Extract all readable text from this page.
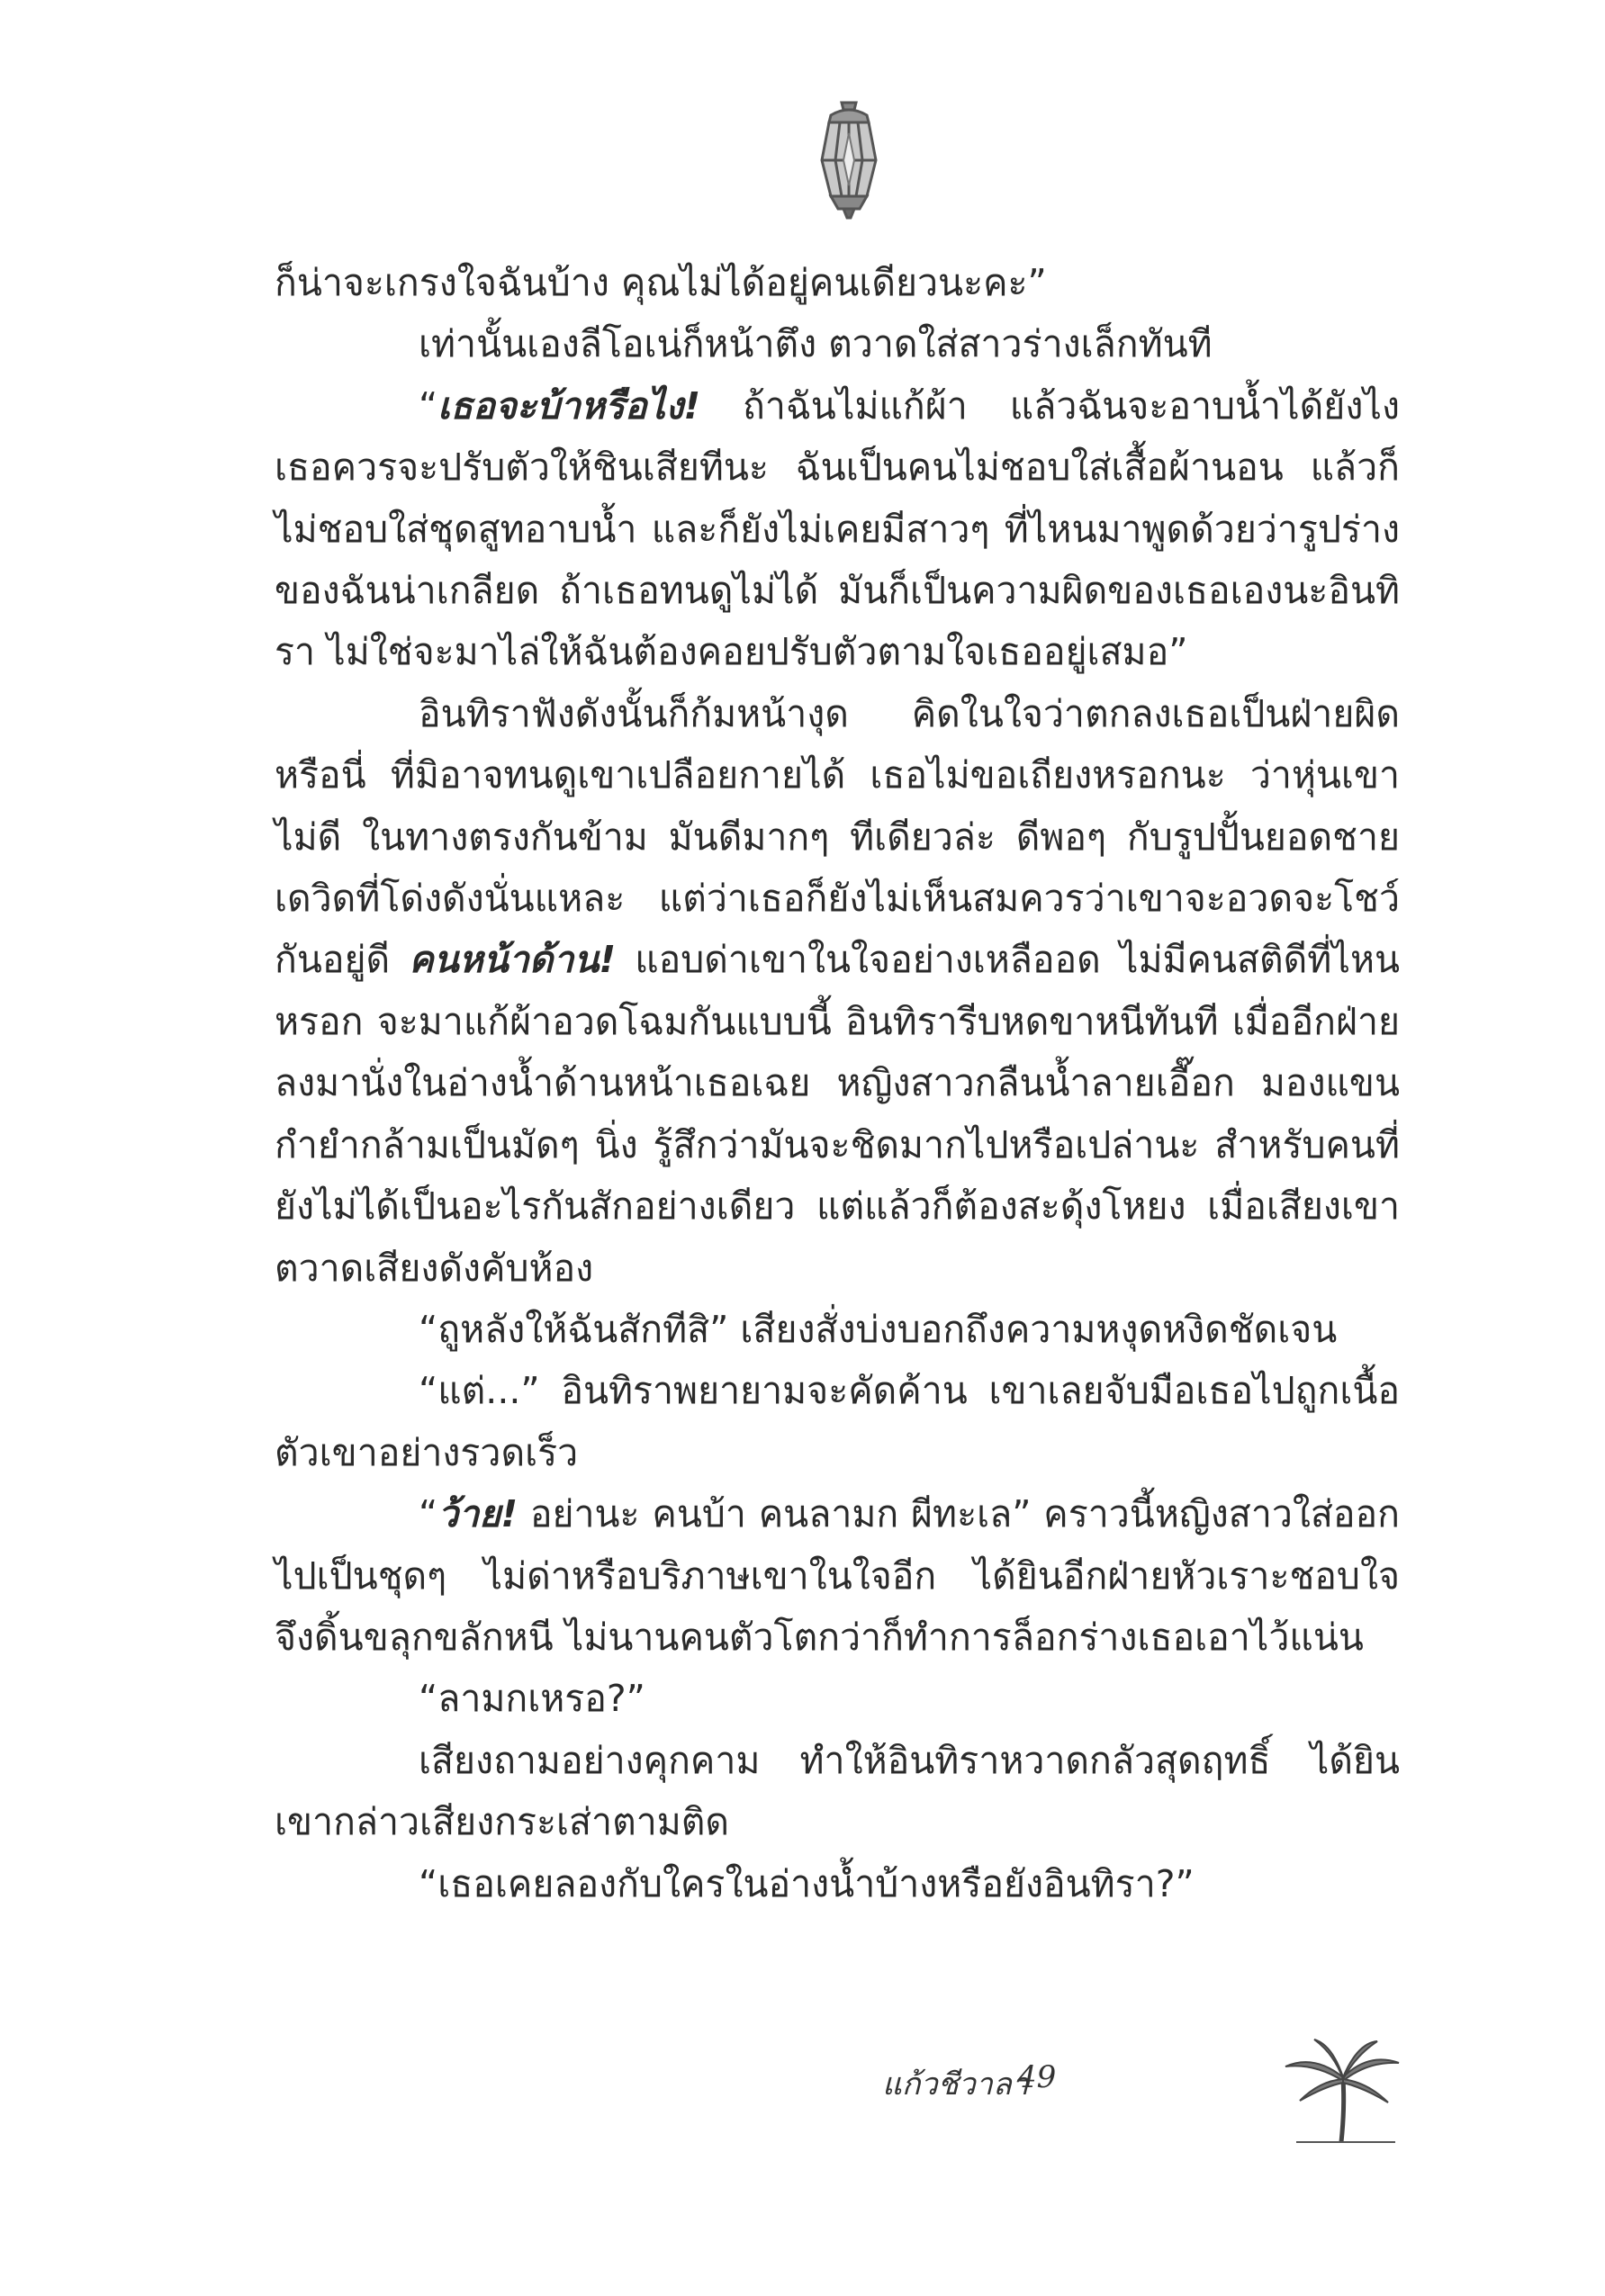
ก็น่าจะเกรงใจฉันบ้าง คุณไม่ได้อยู่คนเดียวนะคะ”

เท่านั้นเองลีโอเน่ก็หน้าตึง ตวาดใส่สาวร่างเล็กทันที

“เธอจะบ้าหรือไง! ถ้าฉันไม่แก้ผ้า แล้วฉันจะอาบน้ำได้ยังไง เธอควรจะปรับตัวให้ชินเสียทีนะ ฉันเป็นคนไม่ชอบใส่เสื้อผ้านอน แล้วก็ไม่ชอบใส่ชุดสูทอาบน้ำ และก็ยังไม่เคยมีสาวๆ ที่ไหนมาพูดด้วยว่ารูปร่างของฉันน่าเกลียด ถ้าเธอทนดูไม่ได้ มันก็เป็นความผิดของเธอเองนะอินทิรา ไม่ใช่จะมาไล่ให้ฉันต้องคอยปรับตัวตามใจเธออยู่เสมอ”

อินทิราฟังดังนั้นก็ก้มหน้างุด คิดในใจว่าตกลงเธอเป็นฝ่ายผิดหรือนี่ ที่มิอาจทนดูเขาเปลือยกายได้ เธอไม่ขอเถียงหรอกนะ ว่าหุ่นเขาไม่ดี ในทางตรงกันข้าม มันดีมากๆ ทีเดียวล่ะ ดีพอๆ กับรูปปั้นยอดชายเดวิดที่โด่งดังนั่นแหละ แต่ว่าเธอก็ยังไม่เห็นสมควรว่าเขาจะอวดจะโชว์กันอยู่ดี คนหน้าด้าน! แอบด่าเขาในใจอย่างเหลืออด ไม่มีคนสติดีที่ไหนหรอก จะมาแก้ผ้าอวดโฉมกันแบบนี้ อินทิรารีบหดขาหนีทันที เมื่ออีกฝ่ายลงมานั่งในอ่างน้ำด้านหน้าเธอเฉย หญิงสาวกลืนน้ำลายเอื๊อก มองแขนกำยำกล้ามเป็นมัดๆ นิ่ง รู้สึกว่ามันจะชิดมากไปหรือเปล่านะ สำหรับคนที่ยังไม่ได้เป็นอะไรกันสักอย่างเดียว แต่แล้วก็ต้องสะดุ้งโหยง เมื่อเสียงเขาตวาดเสียงดังคับห้อง

“ถูหลังให้ฉันสักทีสิ” เสียงสั่งบ่งบอกถึงความหงุดหงิดชัดเจน

“แต่...” อินทิราพยายามจะคัดค้าน เขาเลยจับมือเธอไปถูกเนื้อตัวเขาอย่างรวดเร็ว

“ว้าย! อย่านะ คนบ้า คนลามก ผีทะเล” คราวนี้หญิงสาวใส่ออกไปเป็นชุดๆ ไม่ด่าหรือบริภาษเขาในใจอีก ได้ยินอีกฝ่ายหัวเราะชอบใจ จึงดิ้นขลุกขลักหนี ไม่นานคนตัวโตกว่าก็ทำการล็อกร่างเธอเอาไว้แน่น

“ลามกเหรอ?”

เสียงถามอย่างคุกคาม ทำให้อินทิราหวาดกลัวสุดฤทธิ์ ได้ยินเขากล่าวเสียงกระเส่าตามติด

“เธอเคยลองกับใครในอ่างน้ำบ้างหรือยังอินทิรา?”

แก้วชีวาลา
49
